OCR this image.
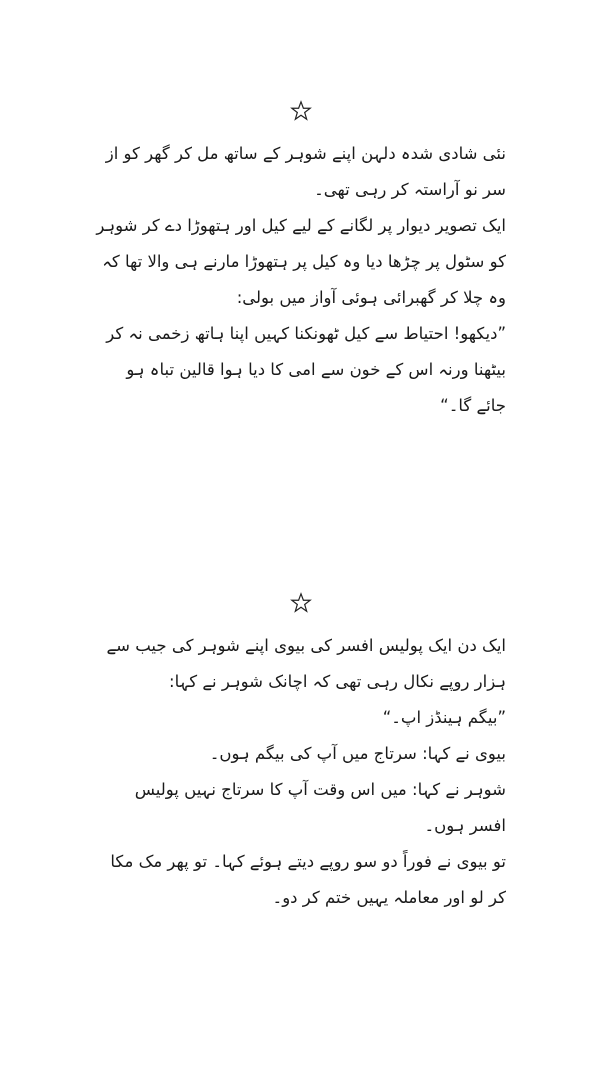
نئی شادی شدہ دلہن اپنے شوہر کے ساتھ مل کر گھر کو از سر نو آراستہ کر رہی تھی۔

ایک تصویر دیوار پر لگانے کے لیے کیل اور ہتھوڑا دے کر شوہر کو سٹول پر چڑھا دیا وہ کیل پر ہتھوڑا مارنے ہی والا تھا کہ وہ چلا کر گھبرائی ہوئی آواز میں بولی:

”دیکھو! احتیاط سے کیل ٹھونکنا کہیں اپنا ہاتھ زخمی نہ کر بیٹھنا ورنہ اس کے خون سے امی کا دیا ہوا قالین تباہ ہو جائے گا۔“

ایک دن ایک پولیس افسر کی بیوی اپنے شوہر کی جیب سے ہزار روپے نکال رہی تھی کہ اچانک شوہر نے کہا:

”بیگم ہینڈز اپ۔“

بیوی نے کہا: سرتاج میں آپ کی بیگم ہوں۔

شوہر نے کہا: میں اس وقت آپ کا سرتاج نہیں پولیس افسر ہوں۔

تو بیوی نے فوراً دو سو روپے دیتے ہوئے کہا۔ تو پھر مک مکا کر لو اور معاملہ یہیں ختم کر دو۔
